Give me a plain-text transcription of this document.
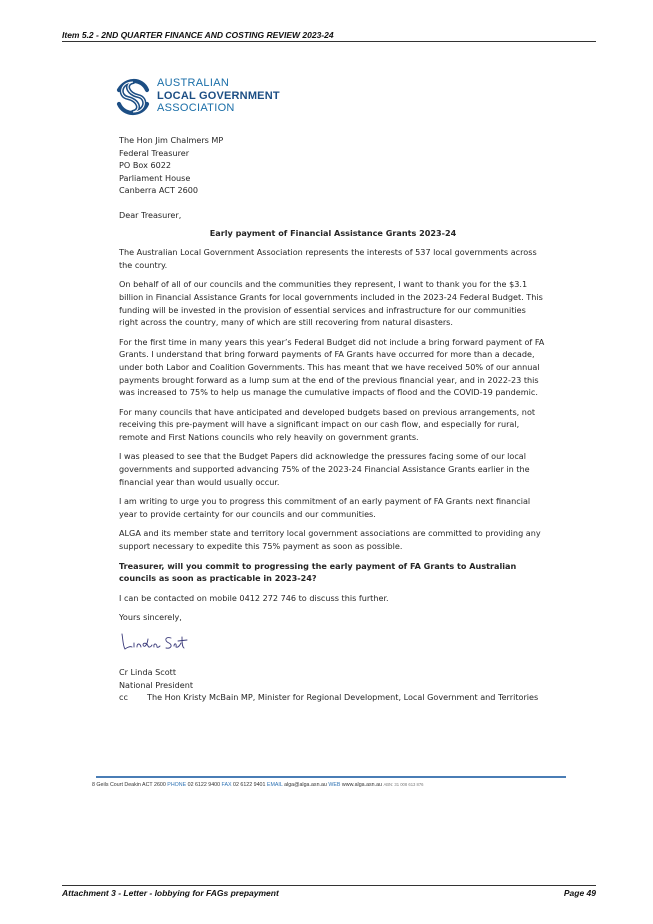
Item 5.2 - 2ND QUARTER FINANCE AND COSTING REVIEW 2023-24
AUSTRALIAN
LOCAL GOVERNMENT
ASSOCIATION
The Hon Jim Chalmers MP
Federal Treasurer
PO Box 6022
Parliament House
Canberra ACT 2600

Dear Treasurer,

Early payment of Financial Assistance Grants 2023-24

The Australian Local Government Association represents the interests of 537 local governments across the country.

On behalf of all of our councils and the communities they represent, I want to thank you for the $3.1 billion in Financial Assistance Grants for local governments included in the 2023-24 Federal Budget. This funding will be invested in the provision of essential services and infrastructure for our communities right across the country, many of which are still recovering from natural disasters.

For the first time in many years this year’s Federal Budget did not include a bring forward payment of FA Grants. I understand that bring forward payments of FA Grants have occurred for more than a decade, under both Labor and Coalition Governments. This has meant that we have received 50% of our annual payments brought forward as a lump sum at the end of the previous financial year, and in 2022-23 this was increased to 75% to help us manage the cumulative impacts of flood and the COVID-19 pandemic.

For many councils that have anticipated and developed budgets based on previous arrangements, not receiving this pre-payment will have a significant impact on our cash flow, and especially for rural, remote and First Nations councils who rely heavily on government grants.

I was pleased to see that the Budget Papers did acknowledge the pressures facing some of our local governments and supported advancing 75% of the 2023-24 Financial Assistance Grants earlier in the financial year than would usually occur.

I am writing to urge you to progress this commitment of an early payment of FA Grants next financial year to provide certainty for our councils and our communities.

ALGA and its member state and territory local government associations are committed to providing any support necessary to expedite this 75% payment as soon as possible.

Treasurer, will you commit to progressing the early payment of FA Grants to Australian councils as soon as practicable in 2023-24?

I can be contacted on mobile 0412 272 746 to discuss this further.

Yours sincerely,

Cr Linda Scott
National President
cc	The Hon Kristy McBain MP, Minister for Regional Development, Local Government and Territories
8 Geils Court Deakin ACT 2600 PHONE 02 6122 9400 FAX 02 6122 9401 EMAIL alga@alga.asn.au WEB www.alga.asn.au ABN: 31 008 613 876
Attachment 3 - Letter - lobbying for FAGs prepayment	Page 49
